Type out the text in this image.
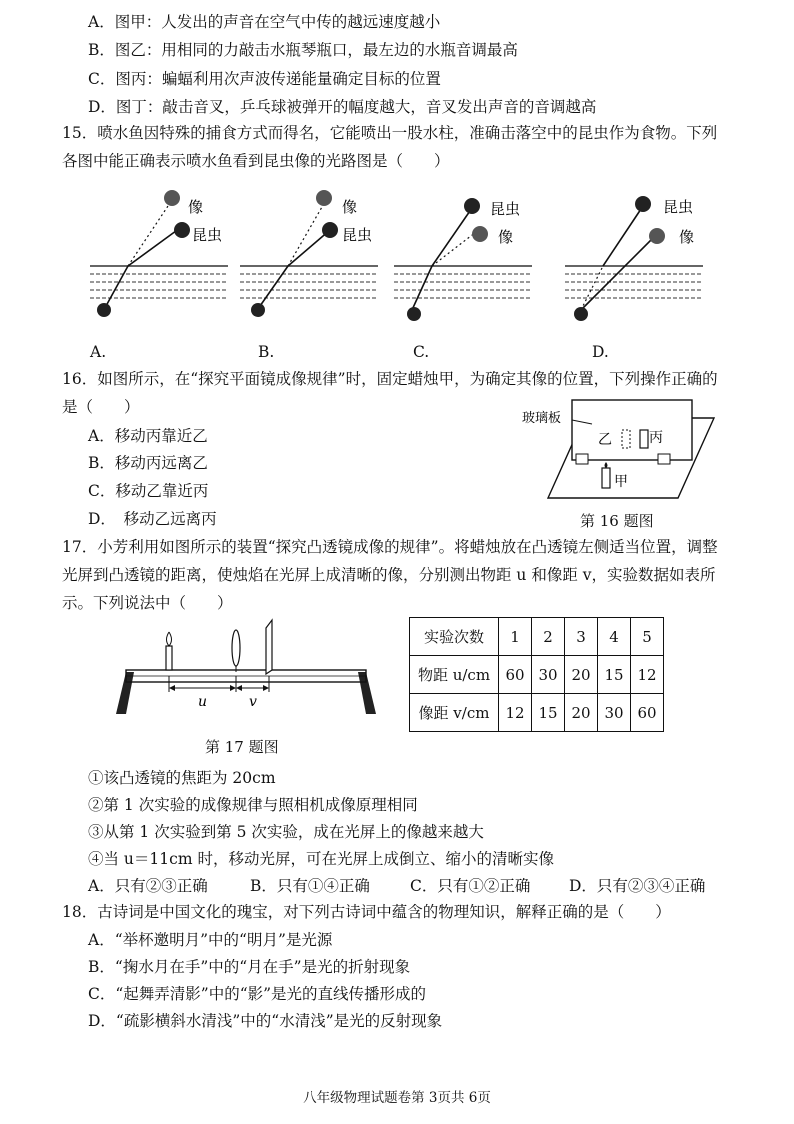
A．图甲：人发出的声音在空气中传的越远速度越小
B．图乙：用相同的力敲击水瓶琴瓶口，最左边的水瓶音调最高
C．图丙：蝙蝠利用次声波传递能量确定目标的位置
D．图丁：敲击音叉，乒乓球被弹开的幅度越大，音叉发出声音的音调越高
15．喷水鱼因特殊的捕食方式而得名，它能喷出一股水柱，准确击落空中的昆虫作为食物。下列
各图中能正确表示喷水鱼看到昆虫像的光路图是（　　）
像
昆虫
A.
像
昆虫
B.
昆虫
像
C.
昆虫
像
D.
16．如图所示，在“探究平面镜成像规律”时，固定蜡烛甲，为确定其像的位置，下列操作正确的
是（　　）
A．移动丙靠近乙
B．移动丙远离乙
C．移动乙靠近丙
D．　移动乙远离丙
玻璃板
乙	丙
甲
第 16 题图
17．小芳利用如图所示的装置“探究凸透镜成像的规律”。将蜡烛放在凸透镜左侧适当位置，调整
光屏到凸透镜的距离，使烛焰在光屏上成清晰的像，分别测出物距 u 和像距 v，实验数据如表所
示。下列说法中（　　）
u	v
第 17 题图
实验次数	1	2	3	4	5
物距 u/cm	60	30	20	15	12
像距 v/cm	12	15	20	30	60
①该凸透镜的焦距为 20cm
②第 1 次实验的成像规律与照相机成像原理相同
③从第 1 次实验到第 5 次实验，成在光屏上的像越来越大
④当 u＝11cm 时，移动光屏，可在光屏上成倒立、缩小的清晰实像
A．只有②③正确	B．只有①④正确	C．只有①②正确 D．只有②③④正确
18．古诗词是中国文化的瑰宝，对下列古诗词中蕴含的物理知识，解释正确的是（　　）
A．“举杯邀明月”中的“明月”是光源
B．“掬水月在手”中的“月在手”是光的折射现象
C．“起舞弄清影”中的“影”是光的直线传播形成的
D．“疏影横斜水清浅”中的“水清浅”是光的反射现象
八年级物理试题卷第 3页共 6页
